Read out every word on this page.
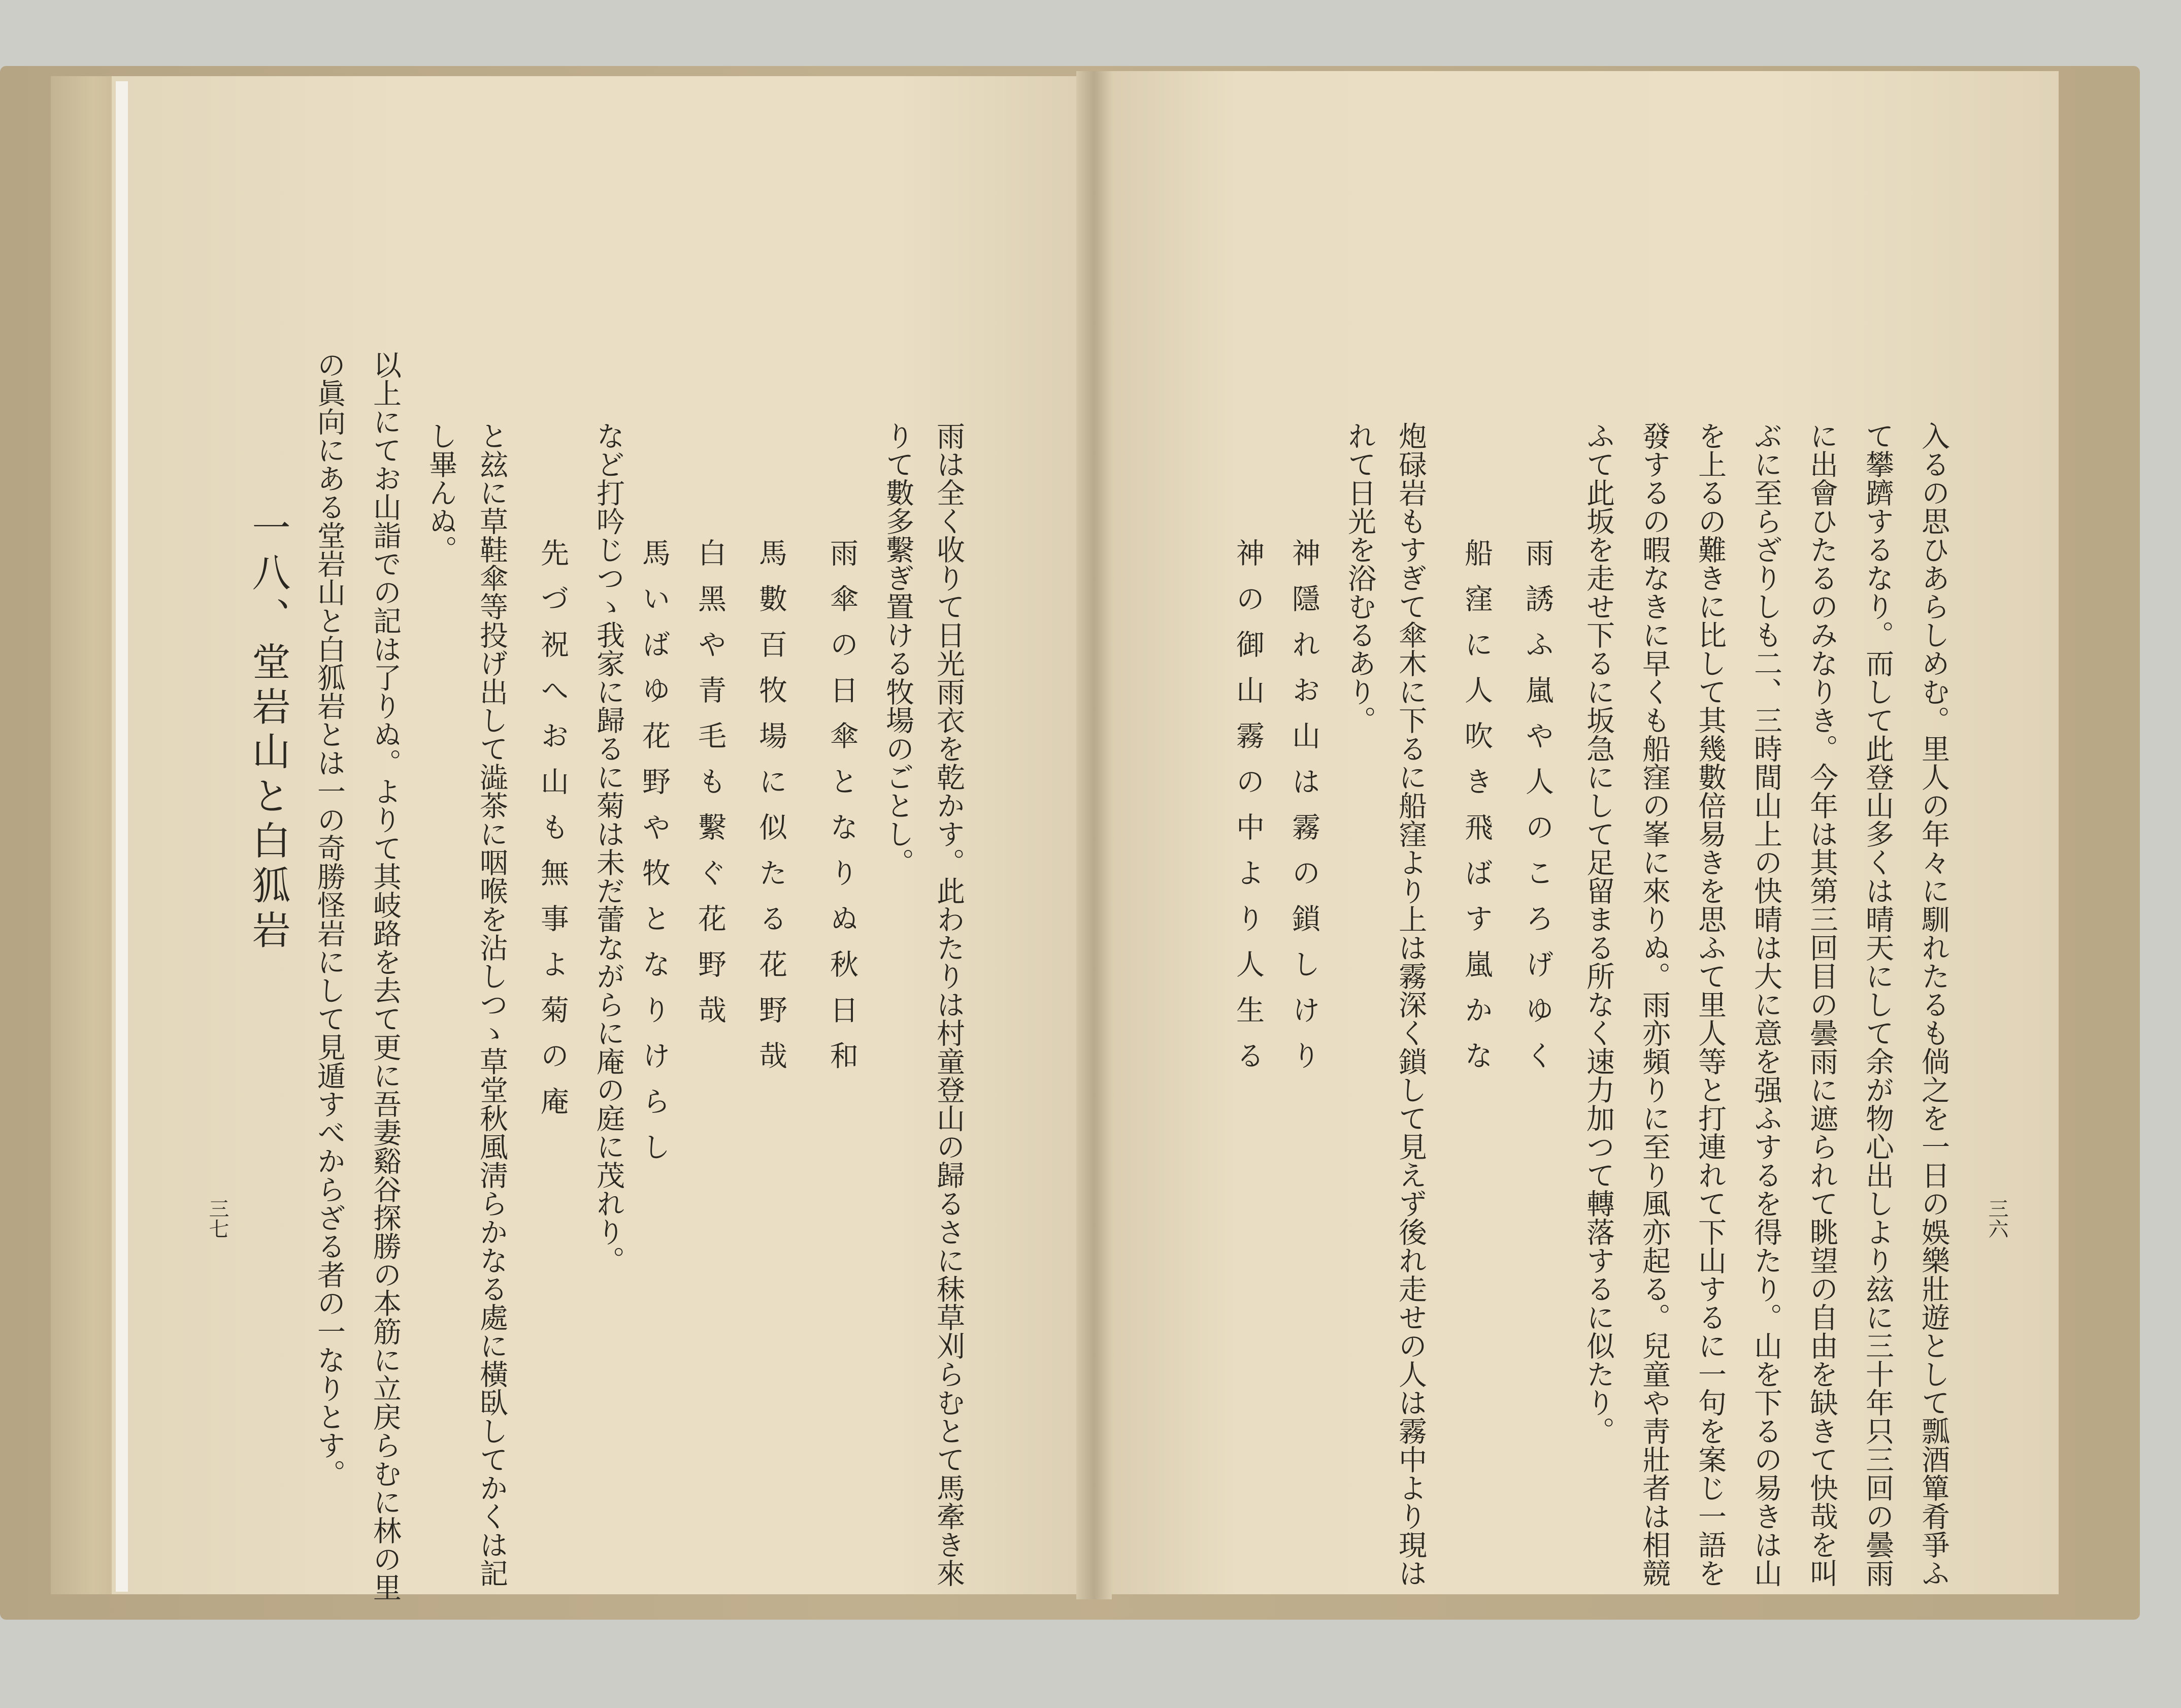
雨は全く收りて日光雨衣を乾かす。此わたりは村童登山の歸るさに秣草刈らむとて馬牽き來
りて數多繫ぎ置ける牧場のごとし。
雨傘の日傘となりぬ秋日和
馬數百牧場に似たる花野哉
白黑や青毛も繫ぐ花野哉
馬いばゆ花野や牧となりけらし
など打吟じつゝ我家に歸るに菊は未だ蕾ながらに庵の庭に茂れり。
先づ祝へお山も無事よ菊の庵
と玆に草鞋傘等投げ出して澁茶に咽喉を沾しつゝ草堂秋風淸らかなる處に橫臥してかくは記
し畢んぬ。
以上にてお山詣での記は了りぬ。よりて其岐路を去て更に吾妻谿谷探勝の本筋に立戻らむに林の里
の眞向にある堂岩山と白狐岩とは一の奇勝怪岩にして見遁すべからざる者の一なりとす。
一八、堂岩山と白狐岩
三七	入るの思ひあらしめむ。里人の年々に馴れたるも倘之を一日の娛樂壯遊として瓢酒簞肴爭ふ
て攀躋するなり。而して此登山多くは晴天にして余が物心出しより玆に三十年只三回の曇雨
に出會ひたるのみなりき。今年は其第三回目の曇雨に遮られて眺望の自由を缺きて快哉を叫
ぶに至らざりしも二、三時間山上の快晴は大に意を强ふするを得たり。山を下るの易きは山
を上るの難きに比して其幾數倍易きを思ふて里人等と打連れて下山するに一句を案じ一語を
發するの暇なきに早くも船窪の峯に來りぬ。雨亦頻りに至り風亦起る。兒童や靑壯者は相競
ふて此坂を走せ下るに坂急にして足留まる所なく速力加つて轉落するに似たり。
雨誘ふ嵐や人のころげゆく
船窪に人吹き飛ばす嵐かな
炮碌岩もすぎて傘木に下るに船窪より上は霧深く鎖して見えず後れ走せの人は霧中より現は
れて日光を浴むるあり。
神隱れお山は霧の鎖しけり
神の御山霧の中より人生る
三六
